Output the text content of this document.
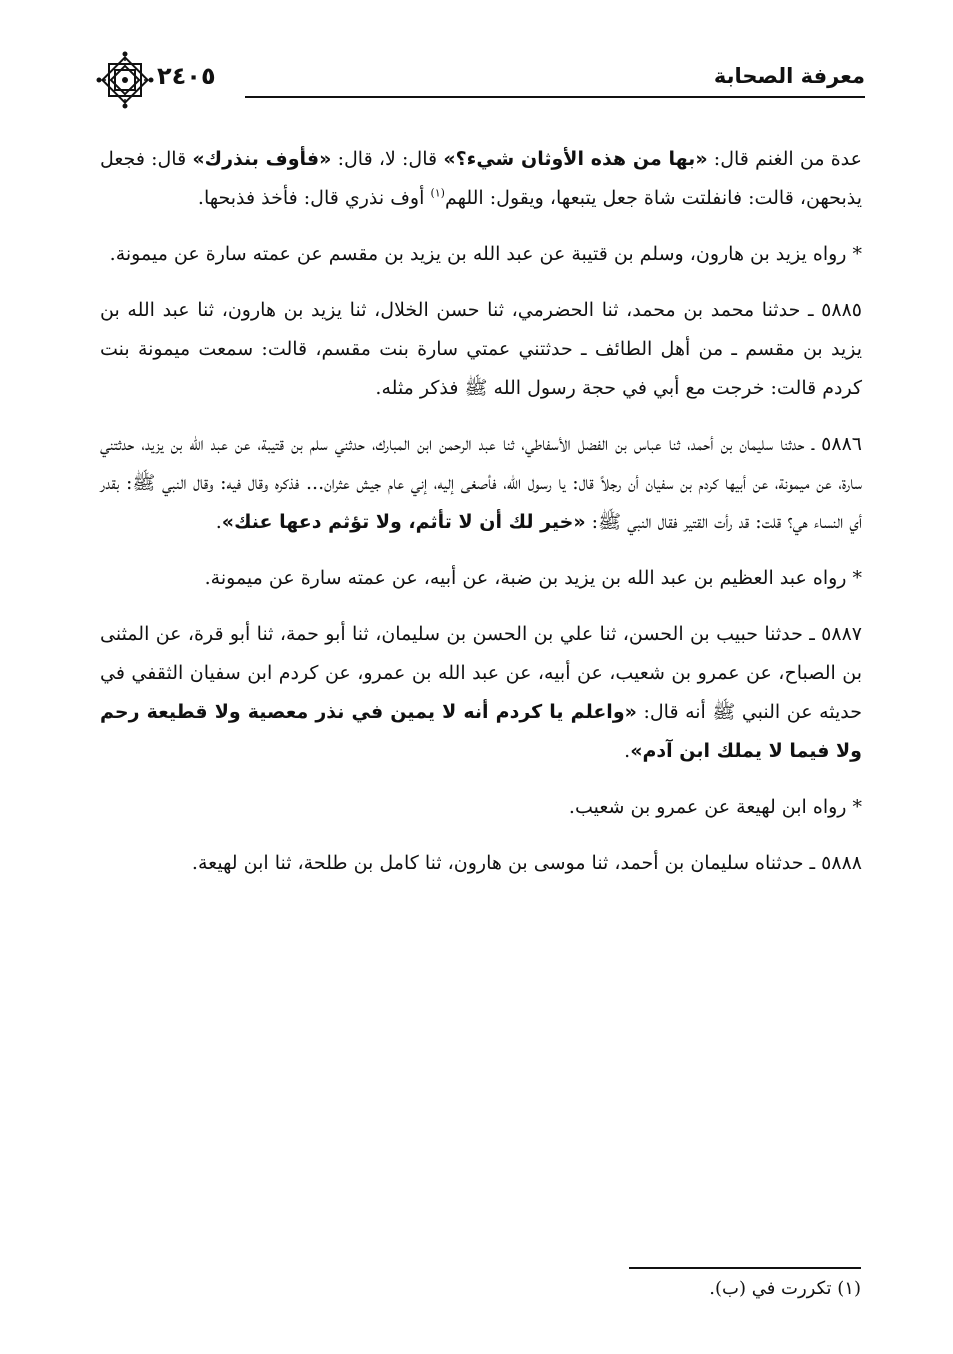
معرفة الصحابة
٢٤٠٥

عدة من الغنم قال: «بها من هذه الأوثان شيء؟» قال: لا، قال: «فأوف بنذرك» قال: فجعل يذبحهن، قالت: فانفلتت شاة جعل يتبعها، ويقول: اللهم$^{(١)}$ أوف نذري قال: فأخذ فذبحها.

* رواه يزيد بن هارون، وسلم بن قتيبة عن عبد الله بن يزيد بن مقسم عن عمته سارة عن ميمونة.

٥٨٨٥ ـ حدثنا محمد بن محمد، ثنا الحضرمي، ثنا حسن الخلال، ثنا يزيد بن هارون، ثنا عبد الله بن يزيد بن مقسم ـ من أهل الطائف ـ حدثتني عمتي سارة بنت مقسم، قالت: سمعت ميمونة بنت كردم قالت: خرجت مع أبي في حجة رسول الله ﷺ فذكر مثله.

٥٨٨٦ ـ حدثنا سليمان بن أحمد، ثنا عباس بن الفضل الأسفاطي، ثنا عبد الرحمن ابن المبارك، حدثني سلم بن قتيبة، عن عبد الله بن يزيد، حدثتني سارة، عن ميمونة، عن أبيها كردم بن سفيان أن رجلاً قال: يا رسول الله، فأصغى إليه، إني عام جيش عثران... فذكره وقال فيه: وقال النبي ﷺ: بقدر أي النساء هي؟ قلت: قد رأت القتير فقال النبي ﷺ: «خير لك أن لا تأثم، ولا تؤثم دعها عنك».

* رواه عبد العظيم بن عبد الله بن يزيد بن ضبة، عن أبيه، عن عمته سارة عن ميمونة.

٥٨٨٧ ـ حدثنا حبيب بن الحسن، ثنا علي بن الحسن بن سليمان، ثنا أبو حمة، ثنا أبو قرة، عن المثنى بن الصباح، عن عمرو بن شعيب، عن أبيه، عن عبد الله بن عمرو، عن كردم ابن سفيان الثقفي في حديثه عن النبي ﷺ أنه قال: «واعلم يا كردم أنه لا يمين في نذر معصية ولا قطيعة رحم ولا فيما لا يملك ابن آدم».

* رواه ابن لهيعة عن عمرو بن شعيب.

٥٨٨٨ ـ حدثناه سليمان بن أحمد، ثنا موسى بن هارون، ثنا كامل بن طلحة، ثنا ابن لهيعة.

(١) تكررت في (ب).
